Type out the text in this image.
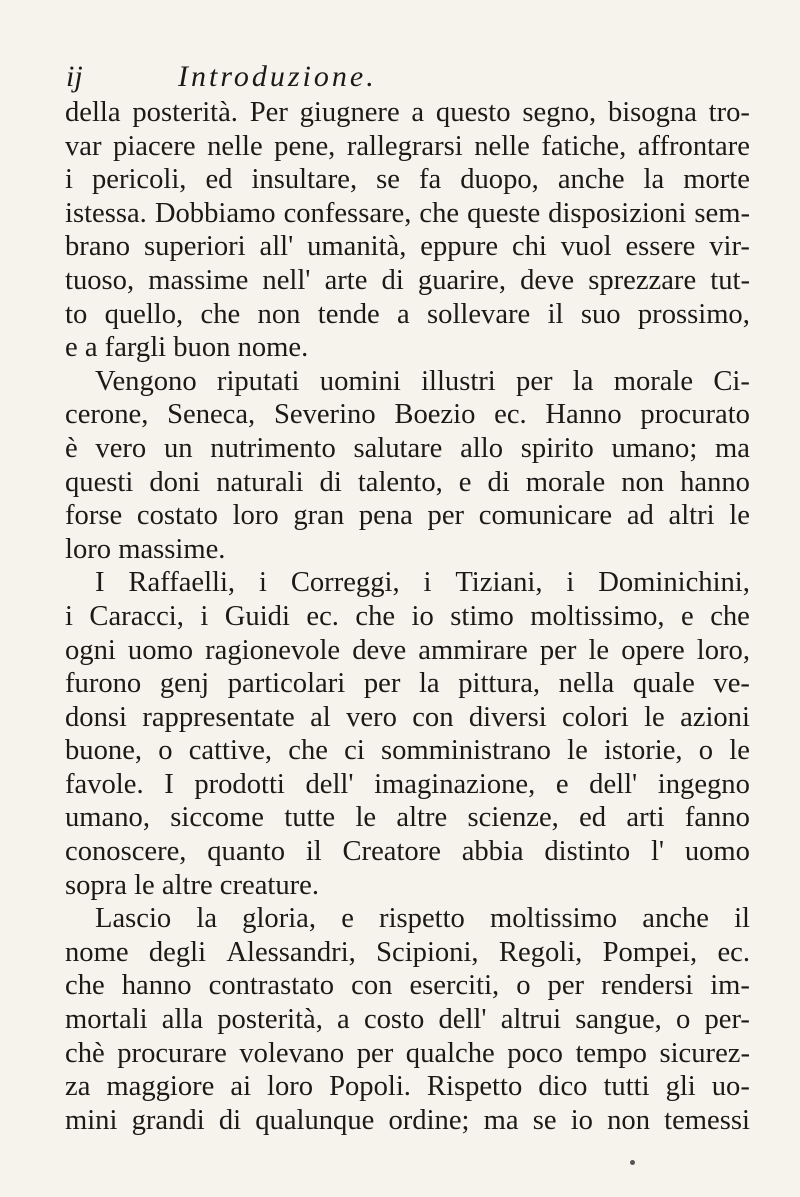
ij	Introduzione.
della posterità. Per giugnere a questo segno, bisogna tro-
var piacere nelle pene, rallegrarsi nelle fatiche, affrontare
i pericoli, ed insultare, se fa duopo, anche la morte
istessa. Dobbiamo confessare, che queste disposizioni sem-
brano superiori all' umanità, eppure chi vuol essere vir-
tuoso, massime nell' arte di guarire, deve sprezzare tut-
to quello, che non tende a sollevare il suo prossimo,
e a fargli buon nome.
Vengono riputati uomini illustri per la morale Ci-
cerone, Seneca, Severino Boezio ec. Hanno procurato
è vero un nutrimento salutare allo spirito umano; ma
questi doni naturali di talento, e di morale non hanno
forse costato loro gran pena per comunicare ad altri le
loro massime.
I Raffaelli, i Correggi, i Tiziani, i Dominichini,
i Caracci, i Guidi ec. che io stimo moltissimo, e che
ogni uomo ragionevole deve ammirare per le opere loro,
furono genj particolari per la pittura, nella quale ve-
donsi rappresentate al vero con diversi colori le azioni
buone, o cattive, che ci somministrano le istorie, o le
favole. I prodotti dell' imaginazione, e dell' ingegno
umano, siccome tutte le altre scienze, ed arti fanno
conoscere, quanto il Creatore abbia distinto l' uomo
sopra le altre creature.
Lascio la gloria, e rispetto moltissimo anche il
nome degli Alessandri, Scipioni, Regoli, Pompei, ec.
che hanno contrastato con eserciti, o per rendersi im-
mortali alla posterità, a costo dell' altrui sangue, o per-
chè procurare volevano per qualche poco tempo sicurez-
za maggiore ai loro Popoli. Rispetto dico tutti gli uo-
mini grandi di qualunque ordine; ma se io non temessi
